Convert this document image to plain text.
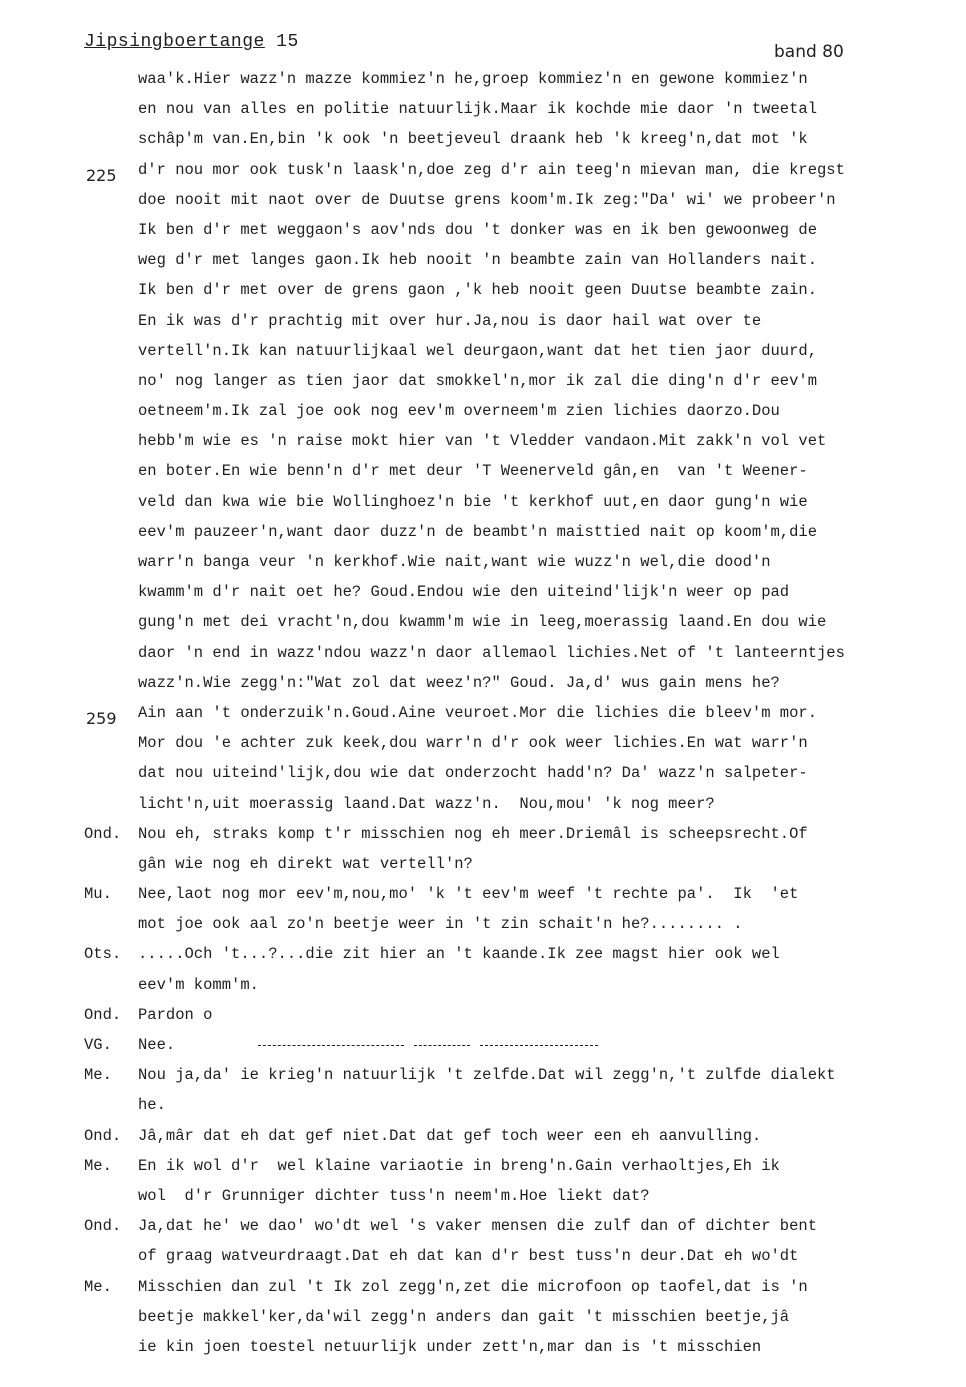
Jipsingboertange 15	band 80
waa'k.Hier wazz'n mazze kommiez'n he,groep kommiez'n en gewone kommiez'n
en nou van alles en politie natuurlijk.Maar ik kochde mie daor 'n tweetal
schâp'm van.En,bin 'k ook 'n beetjeveul draank heb 'k kreeg'n,dat mot 'k
225 d'r nou mor ook tusk'n laask'n,doe zeg d'r ain teeg'n mievan man, die kregst
doe nooit mit naot over de Duutse grens koom'm.Ik zeg:"Da' wi' we probeer'n
Ik ben d'r met weggaon's aov'nds dou 't donker was en ik ben gewoonweg de
weg d'r met langes gaon.Ik heb nooit 'n beambte zain van Hollanders nait.
Ik ben d'r met over de grens gaon ,'k heb nooit geen Duutse beambte zain.
En ik was d'r prachtig mit over hur.Ja,nou is daor hail wat over te
vertell'n.Ik kan natuurlijkaal wel deurgaon,want dat het tien jaor duurd,
no' nog langer as tien jaor dat smokkel'n,mor ik zal die ding'n d'r eev'm
oetneem'm.Ik zal joe ook nog eev'm overneem'm zien lichies daorzo.Dou
hebb'm wie es 'n raise mokt hier van 't Vledder vandaon.Mit zakk'n vol vet
en boter.En wie benn'n d'r met deur 'T Weenerveld gân,en  van 't Weener-
veld dan kwa wie bie Wollinghoez'n bie 't kerkhof uut,en daor gung'n wie
eev'm pauzeer'n,want daor duzz'n de beambt'n maisttied nait op koom'm,die
warr'n banga veur 'n kerkhof.Wie nait,want wie wuzz'n wel,die dood'n
kwamm'm d'r nait oet he? Goud.Endou wie den uiteind'lijk'n weer op pad
gung'n met dei vracht'n,dou kwamm'm wie in leeg,moerassig laand.En dou wie
daor 'n end in wazz'ndou wazz'n daor allemaol lichies.Net of 't lanteerntjes
wazz'n.Wie zegg'n:"Wat zol dat weez'n?" Goud. Ja,d' wus gain mens he?
259 Ain aan 't onderzuik'n.Goud.Aine veuroet.Mor die lichies die bleev'm mor.
Mor dou 'e achter zuk keek,dou warr'n d'r ook weer lichies.En wat warr'n
dat nou uiteind'lijk,dou wie dat onderzocht hadd'n? Da' wazz'n salpeter-
licht'n,uit moerassig laand.Dat wazz'n.  Nou,mou' 'k nog meer?
Ond. Nou eh, straks komp t'r misschien nog eh meer.Driemâl is scheepsrecht.Of
gân wie nog eh direkt wat vertell'n?
Mu. Nee,laot nog mor eev'm,nou,mo' 'k 't eev'm weef 't rechte pa'.  Ik  'et
mot joe ook aal zo'n beetje weer in 't zin schait'n he?........ .
Ots. .....Och 't...?...die zit hier an 't kaande.Ik zee magst hier ook wel
eev'm komm'm.
Ond. Pardon o
VG. Nee.
Me. Nou ja,da' ie krieg'n natuurlijk 't zelfde.Dat wil zegg'n,'t zulfde dialekt
he.
Ond. Jâ,mâr dat eh dat gef niet.Dat dat gef toch weer een eh aanvulling.
Me. En ik wol d'r  wel klaine variaotie in breng'n.Gain verhaoltjes,Eh ik
wol  d'r Grunniger dichter tuss'n neem'm.Hoe liekt dat?
Ond. Ja,dat he' we dao' wo'dt wel 's vaker mensen die zulf dan of dichter bent
of graag watveurdraagt.Dat eh dat kan d'r best tuss'n deur.Dat eh wo'dt
Me. Misschien dan zul 't Ik zol zegg'n,zet die microfoon op taofel,dat is 'n
beetje makkel'ker,da'wil zegg'n anders dan gait 't misschien beetje,jâ
ie kin joen toestel netuurlijk under zett'n,mar dan is 't misschien
